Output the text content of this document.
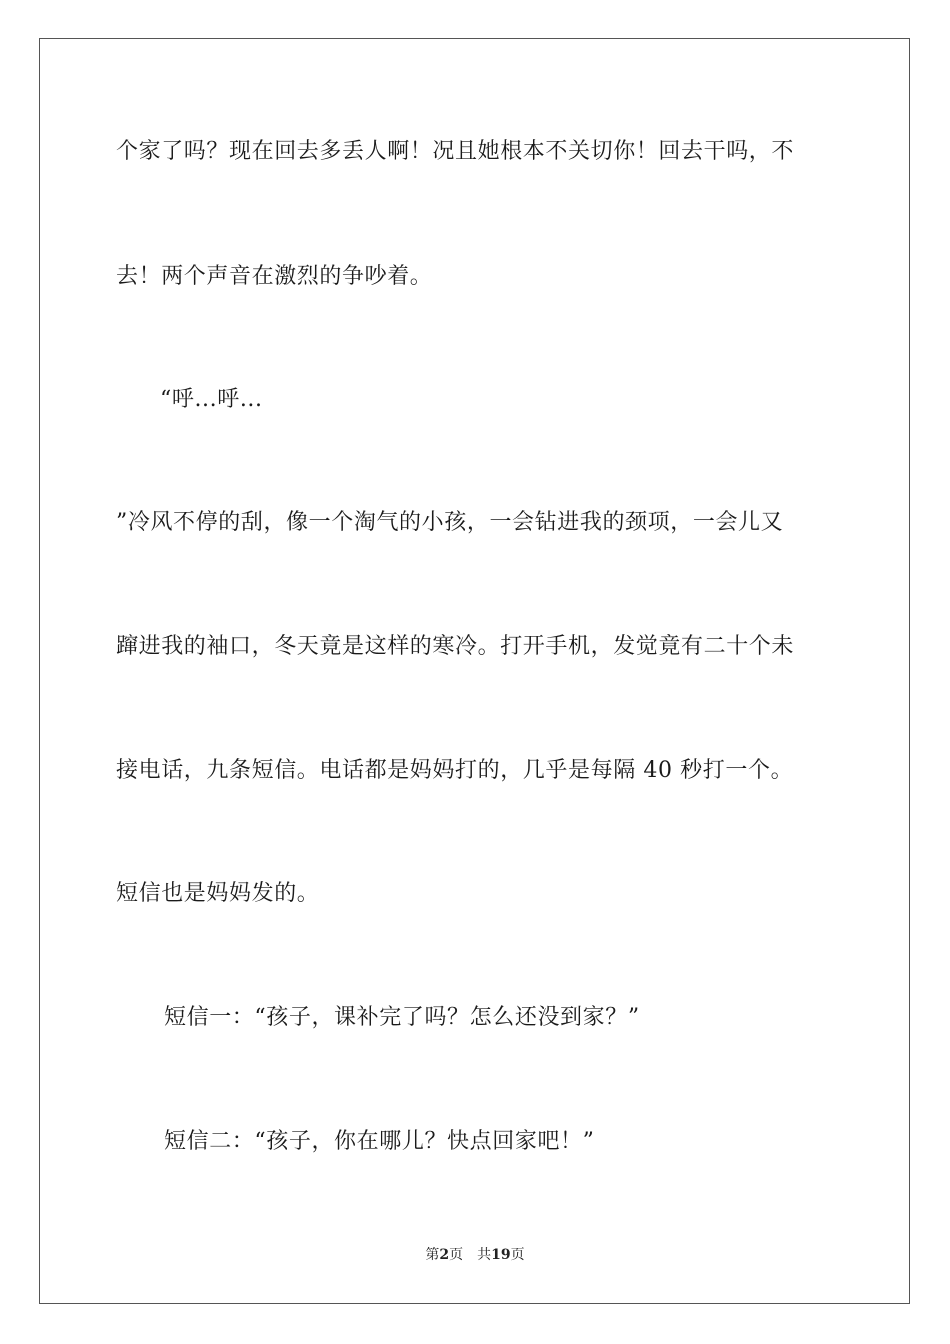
个家了吗？现在回去多丢人啊！况且她根本不关切你！回去干吗，不
去！两个声音在激烈的争吵着。
“呼...呼...
”冷风不停的刮，像一个淘气的小孩，一会钻进我的颈项，一会儿又
蹿进我的袖口，冬天竟是这样的寒冷。打开手机，发觉竟有二十个未
接电话，九条短信。电话都是妈妈打的，几乎是每隔 40 秒打一个。
短信也是妈妈发的。
短信一：“孩子，课补完了吗？怎么还没到家？”
短信二：“孩子，你在哪儿？快点回家吧！”
第2页 共19页
